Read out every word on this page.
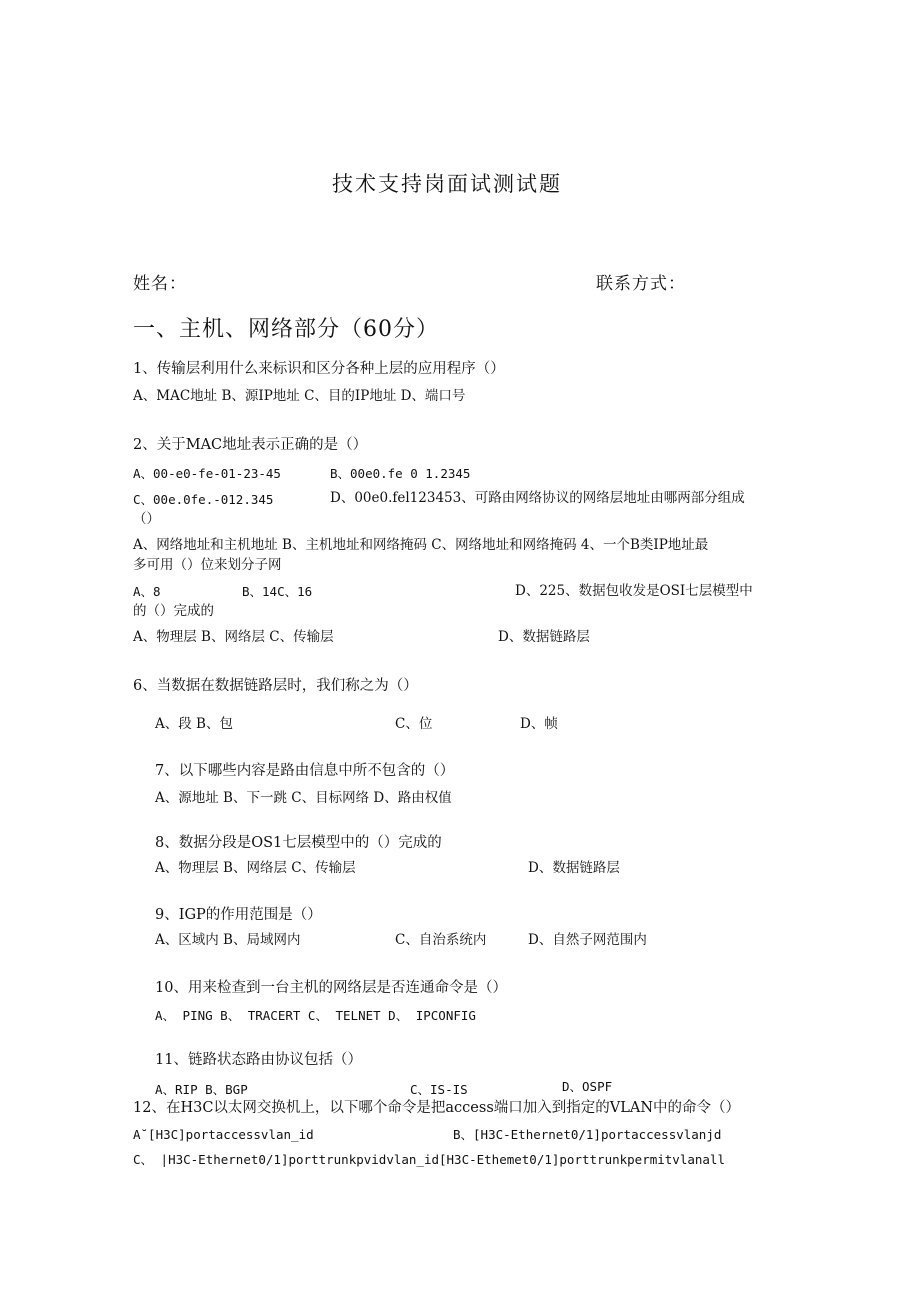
技术支持岗面试测试题
姓名：	联系方式：
一、主机、网络部分（60分）
1、传输层利用什么来标识和区分各种上层的应用程序（）
A、MAC地址 B、源IP地址 C、目的IP地址 D、端口号
2、关于MAC地址表示正确的是（）
A、00-e0-fe-01-23-45	B、00e0.fe 0 1.2345
C、00e.0fe.-012.345	D、00e0.fel123453、可路由网络协议的网络层地址由哪两部分组成
（）
A、网络地址和主机地址 B、主机地址和网络掩码 C、网络地址和网络掩码 4、一个B类IP地址最
多可用（）位来划分子网
A、8	B、14C、16	D、225、数据包收发是OSI七层模型中
的（）完成的
A、物理层 B、网络层 C、传输层	D、数据链路层
6、当数据在数据链路层时，我们称之为（）
A、段 B、包	C、位	D、帧
7、以下哪些内容是路由信息中所不包含的（）
A、源地址 B、下一跳 C、目标网络 D、路由权值
8、数据分段是OS1七层模型中的（）完成的
A、物理层 B、网络层 C、传输层	D、数据链路层
9、IGP的作用范围是（）
A、区域内 B、局域网内	C、自治系统内	D、自然子网范围内
10、用来检查到一台主机的网络层是否连通命令是（）
A、 PING B、 TRACERT C、 TELNET D、 IPCONFIG
11、链路状态路由协议包括（）
A、RIP B、BGP	C、IS-IS	D、OSPF
12、在H3C以太网交换机上，以下哪个命令是把access端口加入到指定的VLAN中的命令（）
A˘[H3C]portaccessvlan_id	B、[H3C-Ethernet0/1]portaccessvlanjd
C、 |H3C-Ethernet0/1]porttrunkpvidvlan_id[H3C-Ethemet0/1]porttrunkpermitvlanall
